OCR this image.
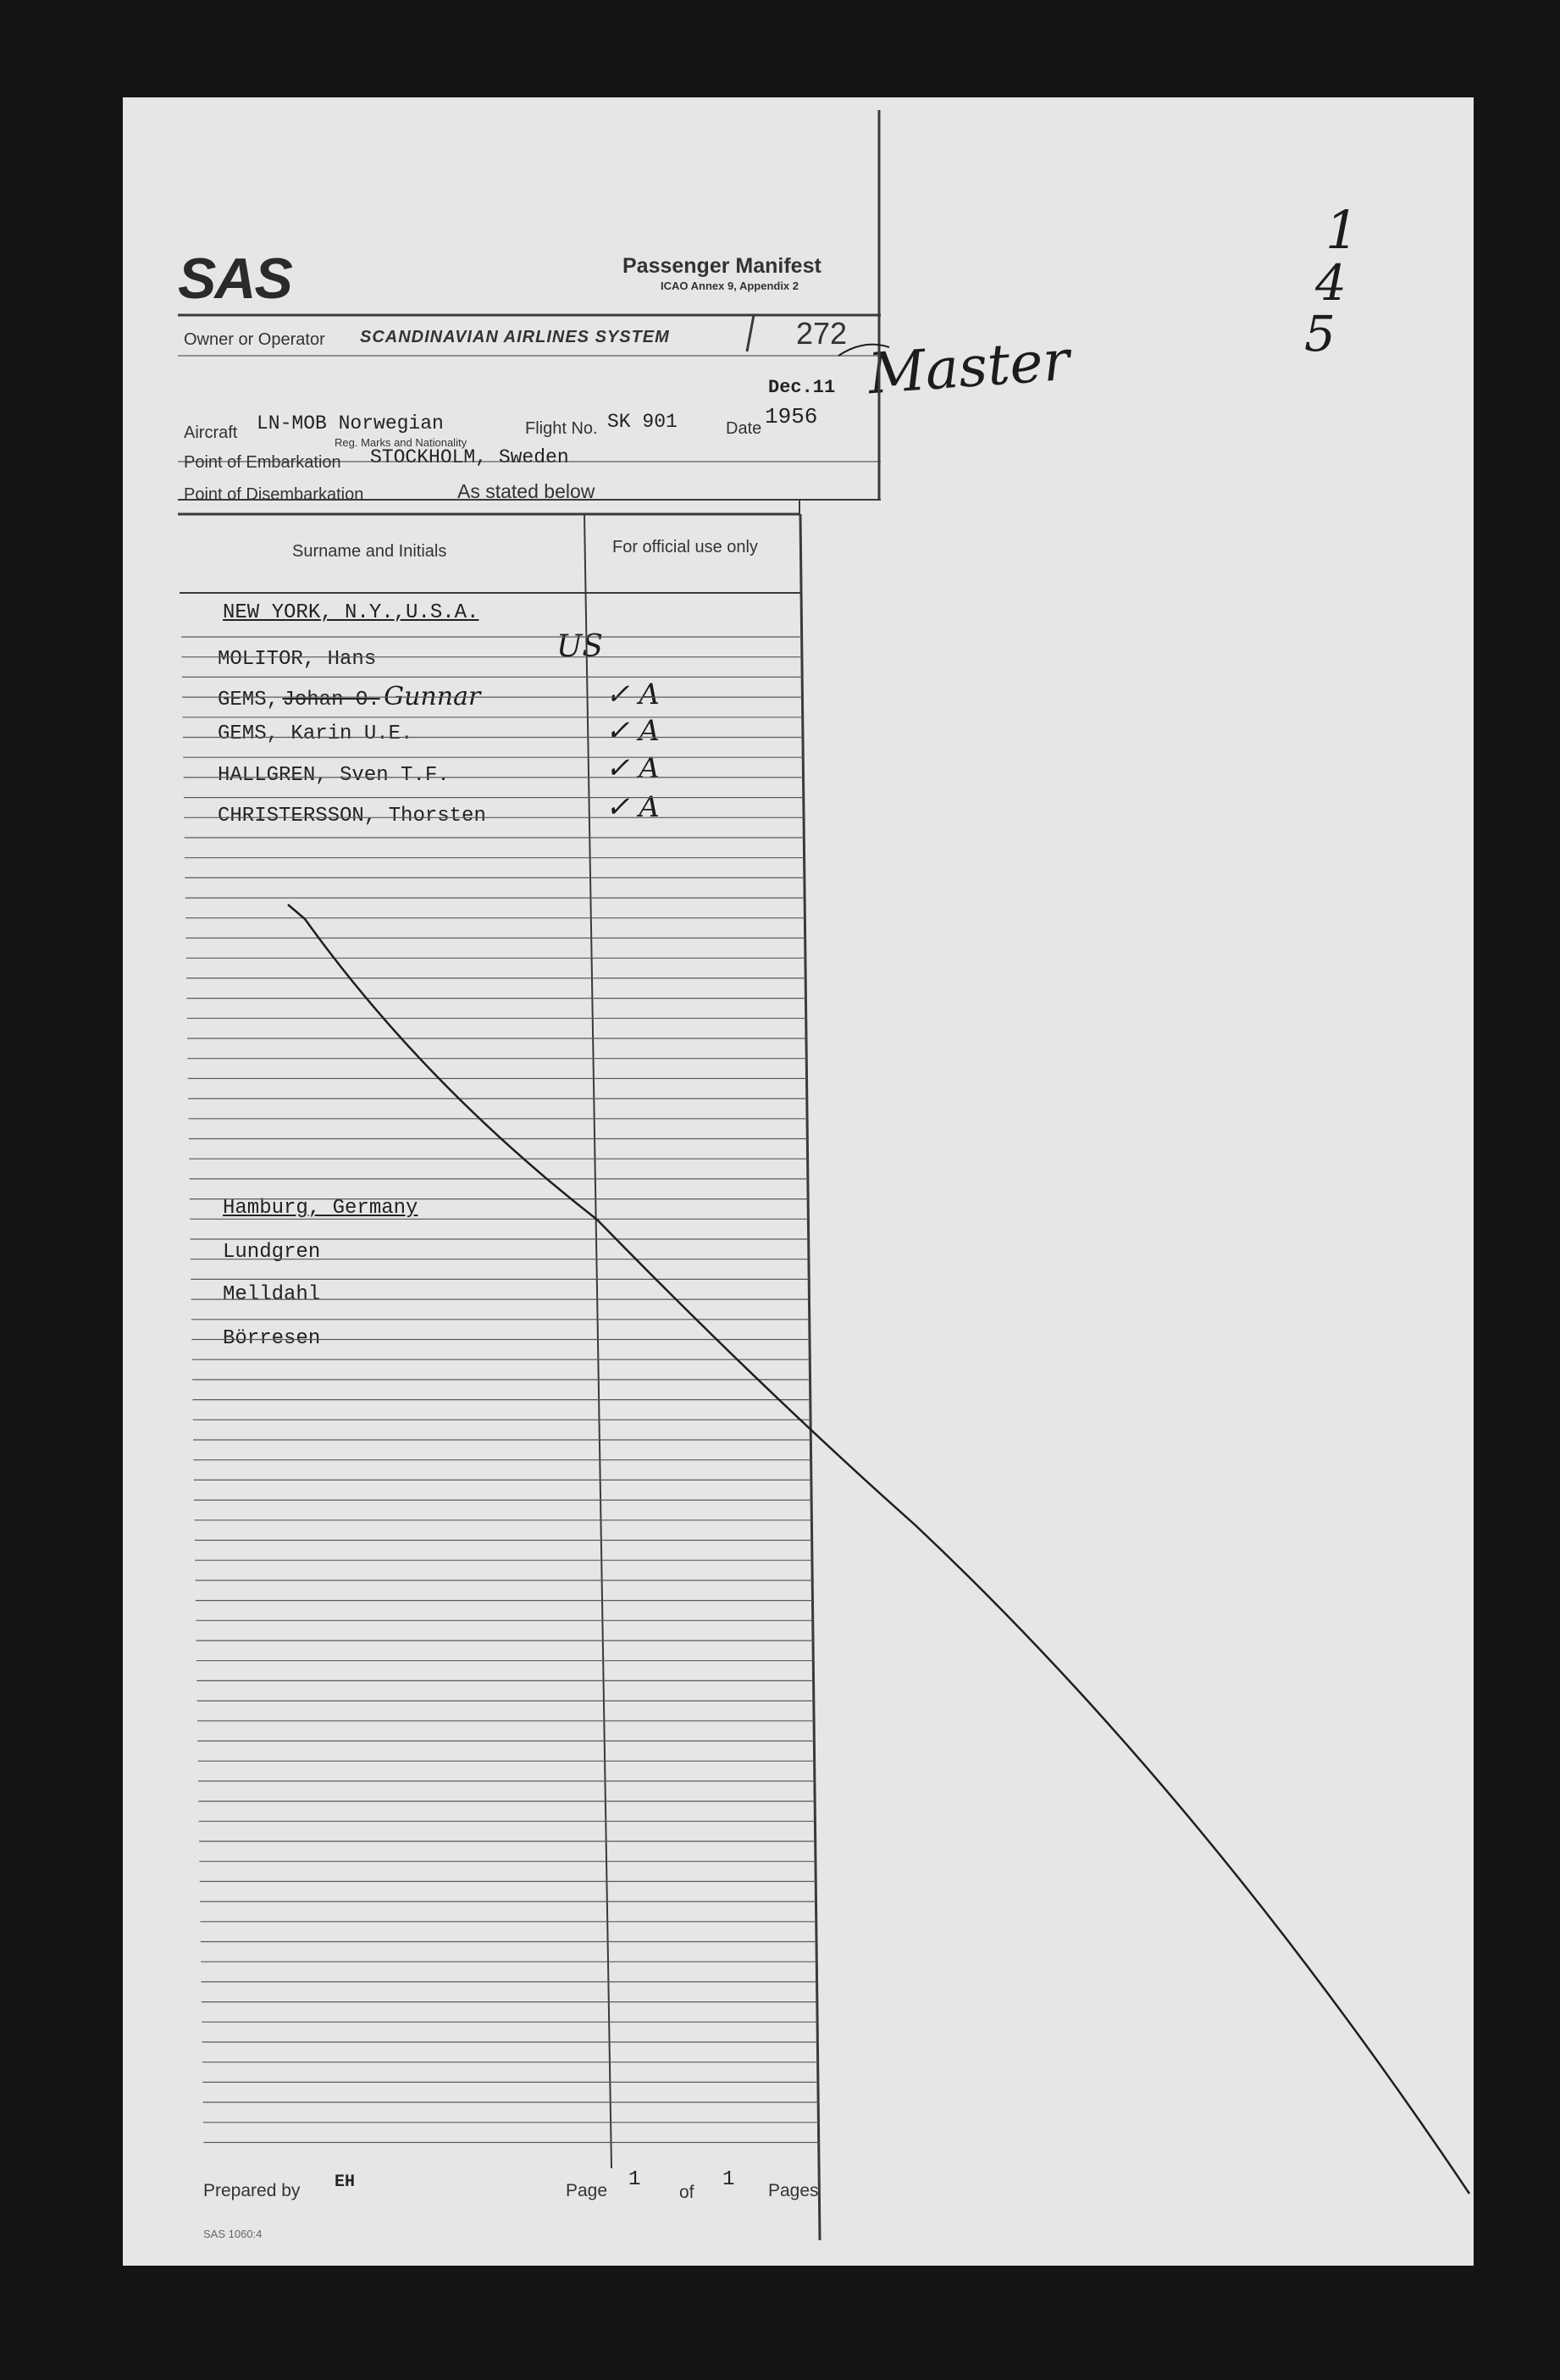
SAS	Passenger Manifest
ICAO Annex 9, Appendix 2
Owner or Operator SCANDINAVIAN AIRLINES SYSTEM	272
Dec.11
Aircraft LN-MOB Norwegian
Reg. Marks and Nationality
Flight No. SK 901	Date 1956
Point of Embarkation STOCKHOLM, Sweden
Point of Disembarkation	As stated below
Master
1
4
5
Surname and Initials	For official use only
NEW YORK, N.Y.,U.S.A.
US
MOLITOR, Hans
GEMS, Johan O. Gunnar	✓ A
GEMS, Karin U.E.	✓ A
HALLGREN, Sven T.F.	✓ A
CHRISTERSSON, Thorsten	✓ A
Hamburg, Germany
Lundgren
Melldahl
Börresen
Prepared by EH	Page 1
of
1 Pages
SAS 1060:4
